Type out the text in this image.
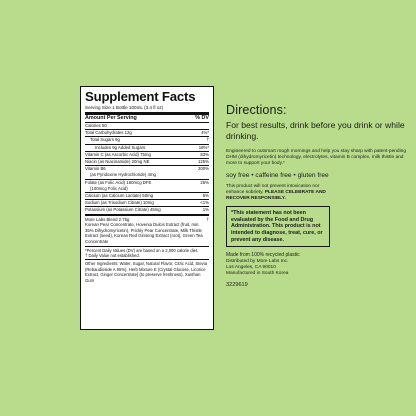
Supplement Facts
Serving Size 1 Bottle 100mL (3.4 fl oz)
Amount Per Serving	% DV
Calories 50
Total Carbohydrates 12g	4%*
Total Sugars 9g	†
Includes 9g Added Sugars	18%*
Vitamin C (as Ascorbic Acid) 75mg	83%
Niacin (as Niacinamide) 20mg NE	125%
Vitamin B6	200%
(as Pyridoxine Hydrochloride) 4mg
Folate (as Folic Acid) 160mcg DFE	25%
(100mcg Folic Acid)
Calcium (as Calcium Lactate) 50mg	5%
Sodium (as Trisodium Citrate) 10mg	<1%
Potassium (as Potassium Citrate) 45mg	1%
More Labs Blend 2.75g	†
Korean Pear Concentrate, Hovenia Dulcis Extract (fruit, min. 35% Dihydromyricetin), Prickly Pear Concentrate, Milk Thistle Extract (seed), Korean Red Ginseng Extract (root), Green Tea Concentrate
*Percent Daily Values (DV) are based on a 2,000 calorie diet.
† Daily Value not established.
Other Ingredients: Water, Sugar, Natural Flavor, Citric Acid, Stevia (Rebaudioside A 95%), Herb Mixture E (Crystal Glucose, Licorice Extract, Ginger Concentrate) (to preserve freshness), Xanthan Gum
Directions:
For best results, drink before you drink or while drinking.
Engineered to outsmart rough mornings and help you stay sharp with patent-pending DHM (dihydromyricetin) technology, electrolytes, vitamin B complex, milk thistle and more to support your body.*
soy free • caffeine free • gluten free
This product will not prevent intoxication nor enhance sobriety. PLEASE CELEBRATE AND RECOVER RESPONSIBLY.
*This statement has not been evaluated by the Food and Drug Administration. This product is not intended to diagnose, treat, cure, or prevent any disease.
Made from 100% recycled plastic
Distributed by More Labs Inc.
Los Angeles, CA 90010
Manufactured in South Korea
3229619
